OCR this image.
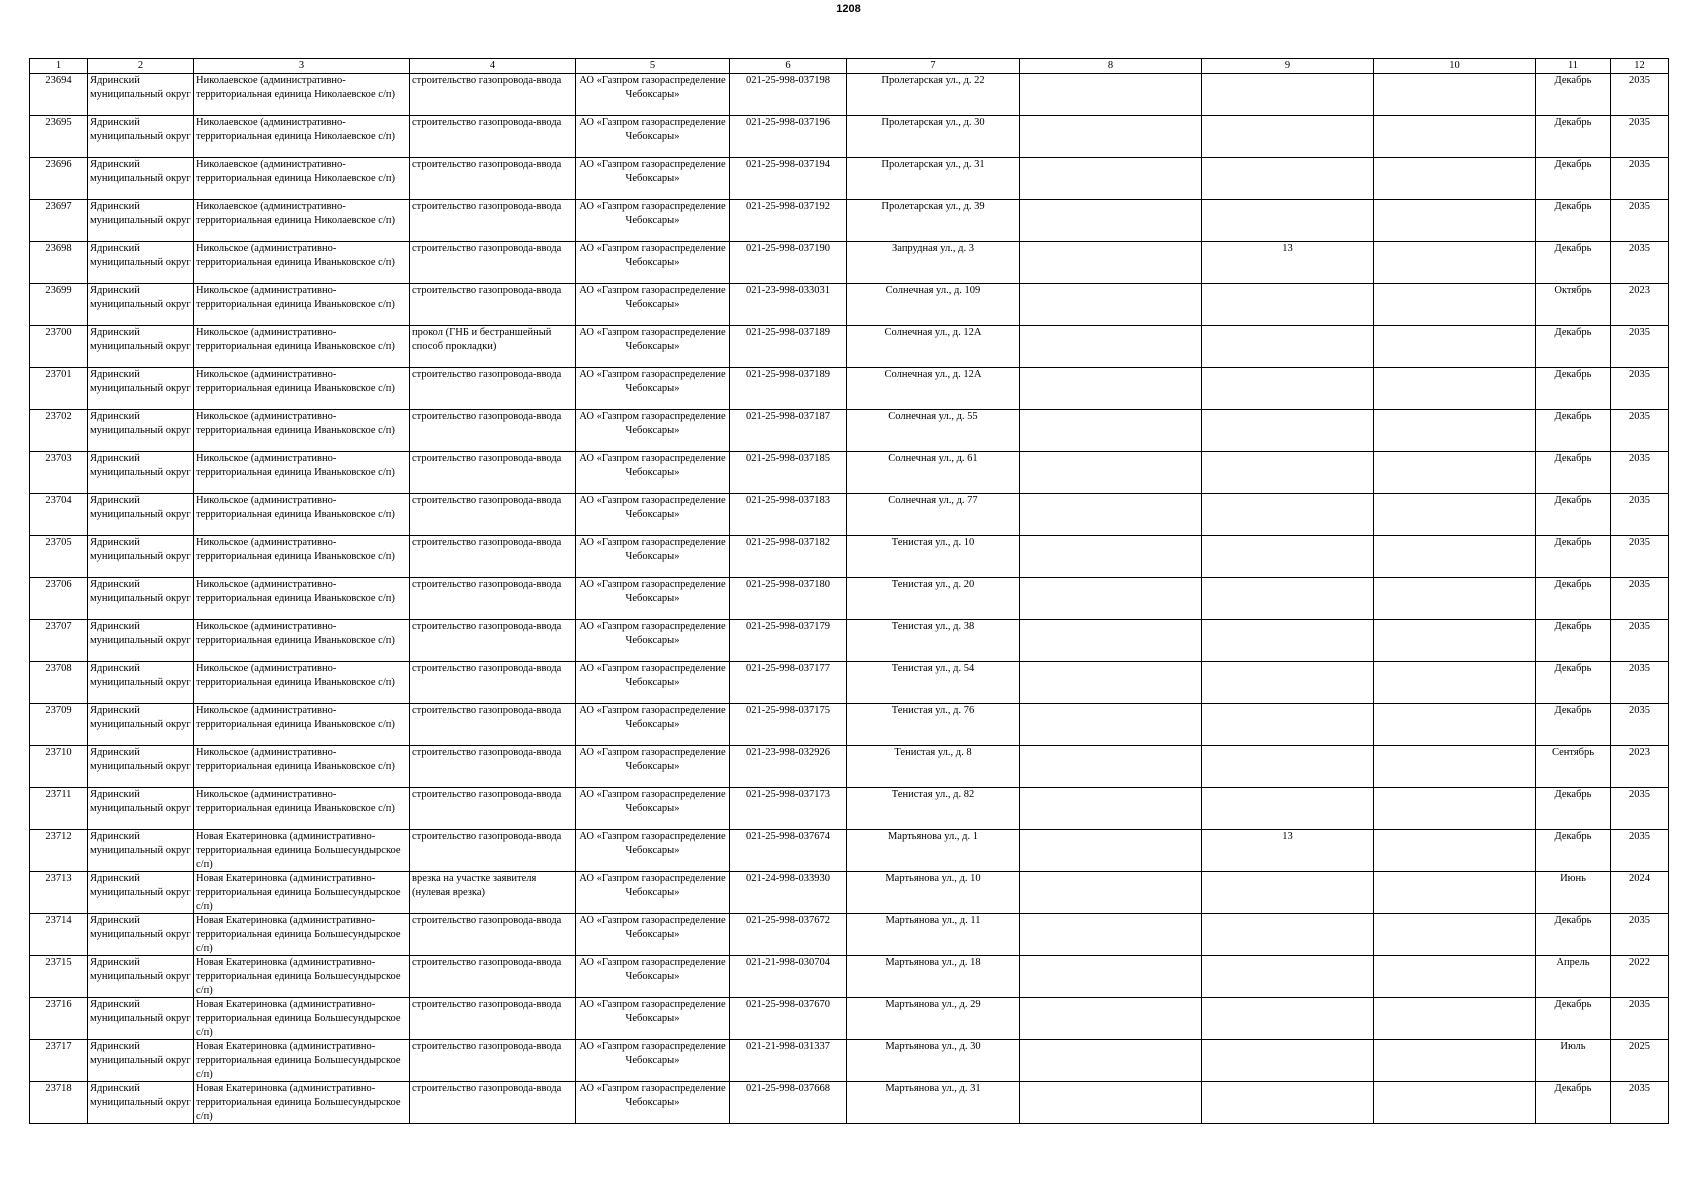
1208
1	2	3	4	5	6	7	8	9	10	11	12

23694	Ядринский муниципальный округ	Николаевское (административно-территориальная единица Николаевское с/п)	строительство газопровода-ввода	АО «Газпром газораспределение Чебоксары»	021-25-998-037198	Пролетарская ул., д. 22				Декабрь	2035

23695	Ядринский муниципальный округ	Николаевское (административно-территориальная единица Николаевское с/п)	строительство газопровода-ввода	АО «Газпром газораспределение Чебоксары»	021-25-998-037196	Пролетарская ул., д. 30				Декабрь	2035

23696	Ядринский муниципальный округ	Николаевское (административно-территориальная единица Николаевское с/п)	строительство газопровода-ввода	АО «Газпром газораспределение Чебоксары»	021-25-998-037194	Пролетарская ул., д. 31				Декабрь	2035

23697	Ядринский муниципальный округ	Николаевское (административно-территориальная единица Николаевское с/п)	строительство газопровода-ввода	АО «Газпром газораспределение Чебоксары»	021-25-998-037192	Пролетарская ул., д. 39				Декабрь	2035

23698	Ядринский муниципальный округ	Никольское (административно-территориальная единица Иваньковское с/п)	строительство газопровода-ввода	АО «Газпром газораспределение Чебоксары»	021-25-998-037190	Запрудная ул., д. 3		13		Декабрь	2035

23699	Ядринский муниципальный округ	Никольское (административно-территориальная единица Иваньковское с/п)	строительство газопровода-ввода	АО «Газпром газораспределение Чебоксары»	021-23-998-033031	Солнечная ул., д. 109				Октябрь	2023

23700	Ядринский муниципальный округ	Никольское (административно-территориальная единица Иваньковское с/п)	прокол (ГНБ и бестраншейный способ прокладки)	АО «Газпром газораспределение Чебоксары»	021-25-998-037189	Солнечная ул., д. 12А				Декабрь	2035

23701	Ядринский муниципальный округ	Никольское (административно-территориальная единица Иваньковское с/п)	строительство газопровода-ввода	АО «Газпром газораспределение Чебоксары»	021-25-998-037189	Солнечная ул., д. 12А				Декабрь	2035

23702	Ядринский муниципальный округ	Никольское (административно-территориальная единица Иваньковское с/п)	строительство газопровода-ввода	АО «Газпром газораспределение Чебоксары»	021-25-998-037187	Солнечная ул., д. 55				Декабрь	2035

23703	Ядринский муниципальный округ	Никольское (административно-территориальная единица Иваньковское с/п)	строительство газопровода-ввода	АО «Газпром газораспределение Чебоксары»	021-25-998-037185	Солнечная ул., д. 61				Декабрь	2035

23704	Ядринский муниципальный округ	Никольское (административно-территориальная единица Иваньковское с/п)	строительство газопровода-ввода	АО «Газпром газораспределение Чебоксары»	021-25-998-037183	Солнечная ул., д. 77				Декабрь	2035

23705	Ядринский муниципальный округ	Никольское (административно-территориальная единица Иваньковское с/п)	строительство газопровода-ввода	АО «Газпром газораспределение Чебоксары»	021-25-998-037182	Тенистая ул., д. 10				Декабрь	2035

23706	Ядринский муниципальный округ	Никольское (административно-территориальная единица Иваньковское с/п)	строительство газопровода-ввода	АО «Газпром газораспределение Чебоксары»	021-25-998-037180	Тенистая ул., д. 20				Декабрь	2035

23707	Ядринский муниципальный округ	Никольское (административно-территориальная единица Иваньковское с/п)	строительство газопровода-ввода	АО «Газпром газораспределение Чебоксары»	021-25-998-037179	Тенистая ул., д. 38				Декабрь	2035

23708	Ядринский муниципальный округ	Никольское (административно-территориальная единица Иваньковское с/п)	строительство газопровода-ввода	АО «Газпром газораспределение Чебоксары»	021-25-998-037177	Тенистая ул., д. 54				Декабрь	2035

23709	Ядринский муниципальный округ	Никольское (административно-территориальная единица Иваньковское с/п)	строительство газопровода-ввода	АО «Газпром газораспределение Чебоксары»	021-25-998-037175	Тенистая ул., д. 76				Декабрь	2035

23710	Ядринский муниципальный округ	Никольское (административно-территориальная единица Иваньковское с/п)	строительство газопровода-ввода	АО «Газпром газораспределение Чебоксары»	021-23-998-032926	Тенистая ул., д. 8				Сентябрь	2023

23711	Ядринский муниципальный округ	Никольское (административно-территориальная единица Иваньковское с/п)	строительство газопровода-ввода	АО «Газпром газораспределение Чебоксары»	021-25-998-037173	Тенистая ул., д. 82				Декабрь	2035

23712	Ядринский муниципальный округ	Новая Екатериновка (административно-территориальная единица Большесундырское с/п)	строительство газопровода-ввода	АО «Газпром газораспределение Чебоксары»	021-25-998-037674	Мартьянова ул., д. 1		13		Декабрь	2035

23713	Ядринский муниципальный округ	Новая Екатериновка (административно-территориальная единица Большесундырское с/п)	врезка на участке заявителя (нулевая врезка)	АО «Газпром газораспределение Чебоксары»	021-24-998-033930	Мартьянова ул., д. 10				Июнь	2024

23714	Ядринский муниципальный округ	Новая Екатериновка (административно-территориальная единица Большесундырское с/п)	строительство газопровода-ввода	АО «Газпром газораспределение Чебоксары»	021-25-998-037672	Мартьянова ул., д. 11				Декабрь	2035

23715	Ядринский муниципальный округ	Новая Екатериновка (административно-территориальная единица Большесундырское с/п)	строительство газопровода-ввода	АО «Газпром газораспределение Чебоксары»	021-21-998-030704	Мартьянова ул., д. 18				Апрель	2022

23716	Ядринский муниципальный округ	Новая Екатериновка (административно-территориальная единица Большесундырское с/п)	строительство газопровода-ввода	АО «Газпром газораспределение Чебоксары»	021-25-998-037670	Мартьянова ул., д. 29				Декабрь	2035

23717	Ядринский муниципальный округ	Новая Екатериновка (административно-территориальная единица Большесундырское с/п)	строительство газопровода-ввода	АО «Газпром газораспределение Чебоксары»	021-21-998-031337	Мартьянова ул., д. 30				Июль	2025

23718	Ядринский муниципальный округ	Новая Екатериновка (административно-территориальная единица Большесундырское с/п)	строительство газопровода-ввода	АО «Газпром газораспределение Чебоксары»	021-25-998-037668	Мартьянова ул., д. 31				Декабрь	2035
